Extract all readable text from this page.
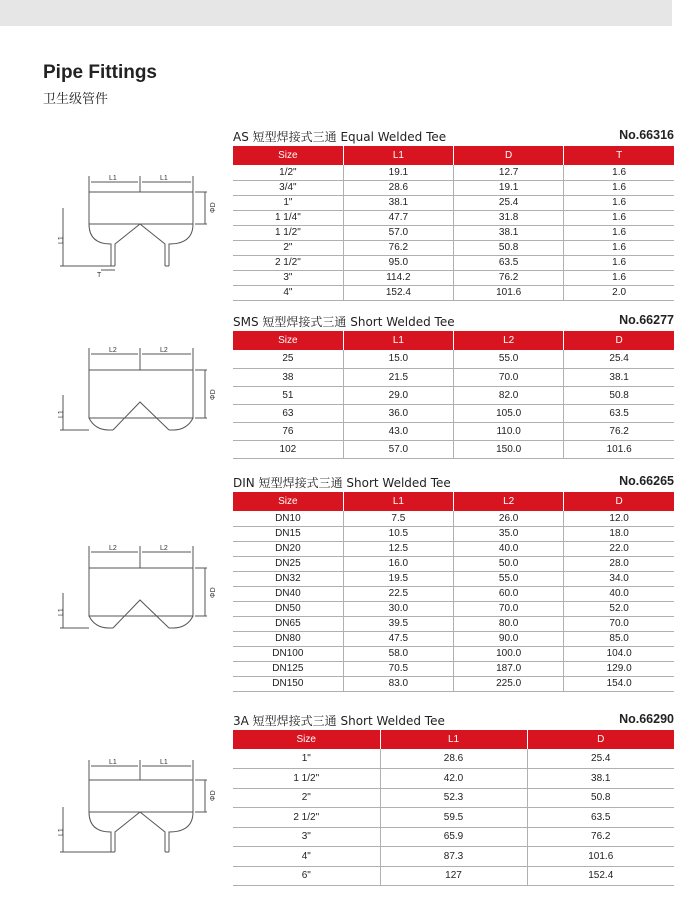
Pipe Fittings
卫生级管件
AS 短型焊接式三通 Equal Welded Tee	No.66316
Size	L1	D	T
1/2"	19.1	12.7	1.6
3/4"	28.6	19.1	1.6
1"	38.1	25.4	1.6
1 1/4"	47.7	31.8	1.6
1 1/2"	57.0	38.1	1.6
2"	76.2	50.8	1.6
2 1/2"	95.0	63.5	1.6
3"	114.2	76.2	1.6
4"	152.4	101.6	2.0
SMS 短型焊接式三通 Short Welded Tee	No.66277
Size	L1	L2	D
25	15.0	55.0	25.4
38	21.5	70.0	38.1
51	29.0	82.0	50.8
63	36.0	105.0	63.5
76	43.0	110.0	76.2
102	57.0	150.0	101.6
DIN 短型焊接式三通 Short Welded Tee	No.66265
Size	L1	L2	D
DN10	7.5	26.0	12.0
DN15	10.5	35.0	18.0
DN20	12.5	40.0	22.0
DN25	16.0	50.0	28.0
DN32	19.5	55.0	34.0
DN40	22.5	60.0	40.0
DN50	30.0	70.0	52.0
DN65	39.5	80.0	70.0
DN80	47.5	90.0	85.0
DN100	58.0	100.0	104.0
DN125	70.5	187.0	129.0
DN150	83.0	225.0	154.0
3A 短型焊接式三通 Short Welded Tee	No.66290
Size	L1	D
1"	28.6	25.4
1 1/2"	42.0	38.1
2"	52.3	50.8
2 1/2"	59.5	63.5
3"	65.9	76.2
4"	87.3	101.6
6"	127	152.4
L1	L1
ΦD
L1
T
L2	L2
ΦD
L1
L2	L2
ΦD
L1
L1	L1
ΦD
L1
